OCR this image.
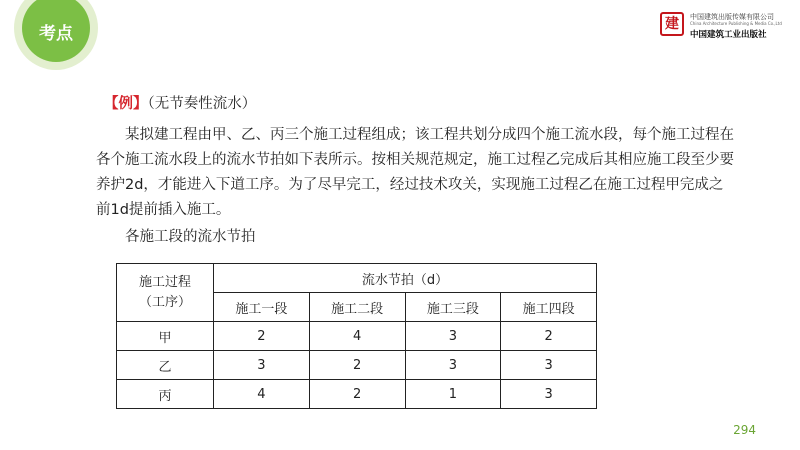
考点	建	中国建筑出版传媒有限公司
China Architecture Publishing & Media Co.,Ltd
中国建筑工业出版社
【例】（无节奏性流水）

某拟建工程由甲、乙、丙三个施工过程组成；该工程共划分成四个施工流水段，每个施工过程在各个施工流水段上的流水节拍如下表所示。按相关规范规定，施工过程乙完成后其相应施工段至少要养护2d，才能进入下道工序。为了尽早完工，经过技术攻关，实现施工过程乙在施工过程甲完成之前1d提前插入施工。

各施工段的流水节拍
施工过程
（工序）	流水节拍（d）			
	施工一段	施工二段	施工三段	施工四段
甲	2	4	3	2
乙	3	2	3	3
丙	4	2	1	3
294
